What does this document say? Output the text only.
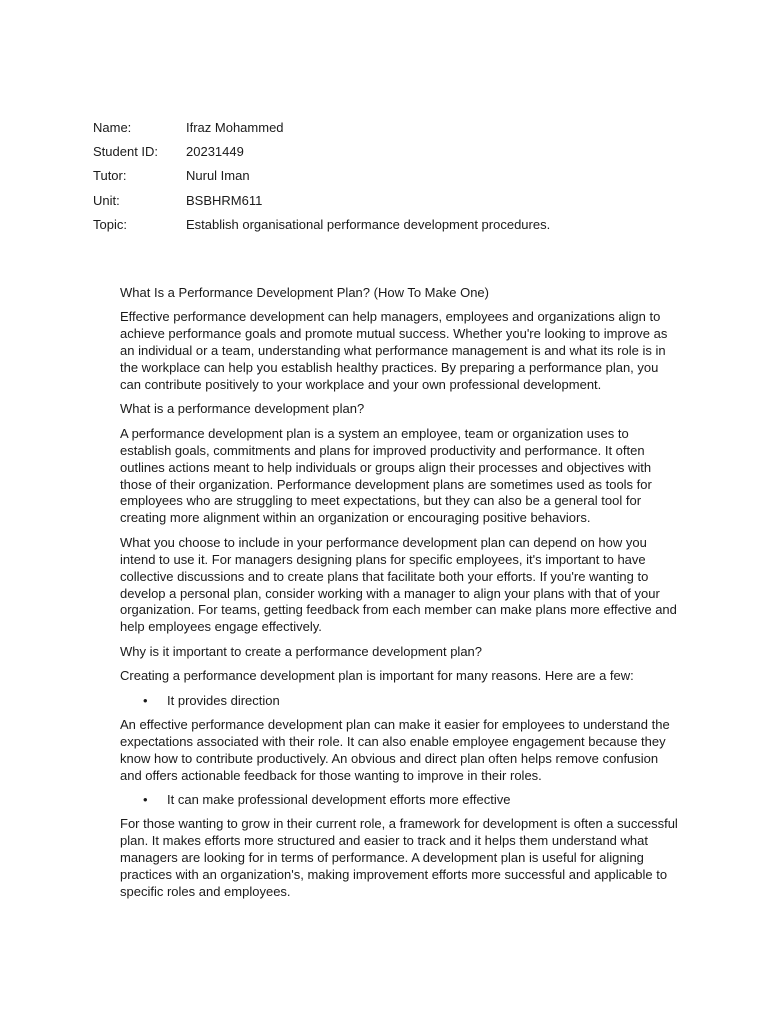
Name:	Ifraz Mohammed
Student ID:	20231449
Tutor:	Nurul Iman
Unit:	BSBHRM611
Topic:	Establish organisational performance development procedures.

What Is a Performance Development Plan? (How To Make One)

Effective performance development can help managers, employees and organizations align to achieve performance goals and promote mutual success. Whether you're looking to improve as an individual or a team, understanding what performance management is and what its role is in the workplace can help you establish healthy practices. By preparing a performance plan, you can contribute positively to your workplace and your own professional development.

What is a performance development plan?

A performance development plan is a system an employee, team or organization uses to establish goals, commitments and plans for improved productivity and performance. It often outlines actions meant to help individuals or groups align their processes and objectives with those of their organization. Performance development plans are sometimes used as tools for employees who are struggling to meet expectations, but they can also be a general tool for creating more alignment within an organization or encouraging positive behaviors.

What you choose to include in your performance development plan can depend on how you intend to use it. For managers designing plans for specific employees, it's important to have collective discussions and to create plans that facilitate both your efforts. If you're wanting to develop a personal plan, consider working with a manager to align your plans with that of your organization. For teams, getting feedback from each member can make plans more effective and help employees engage effectively.

Why is it important to create a performance development plan?

Creating a performance development plan is important for many reasons. Here are a few:

•	It provides direction

An effective performance development plan can make it easier for employees to understand the expectations associated with their role. It can also enable employee engagement because they know how to contribute productively. An obvious and direct plan often helps remove confusion and offers actionable feedback for those wanting to improve in their roles.

•	It can make professional development efforts more effective

For those wanting to grow in their current role, a framework for development is often a successful plan. It makes efforts more structured and easier to track and it helps them understand what managers are looking for in terms of performance. A development plan is useful for aligning practices with an organization's, making improvement efforts more successful and applicable to specific roles and employees.
